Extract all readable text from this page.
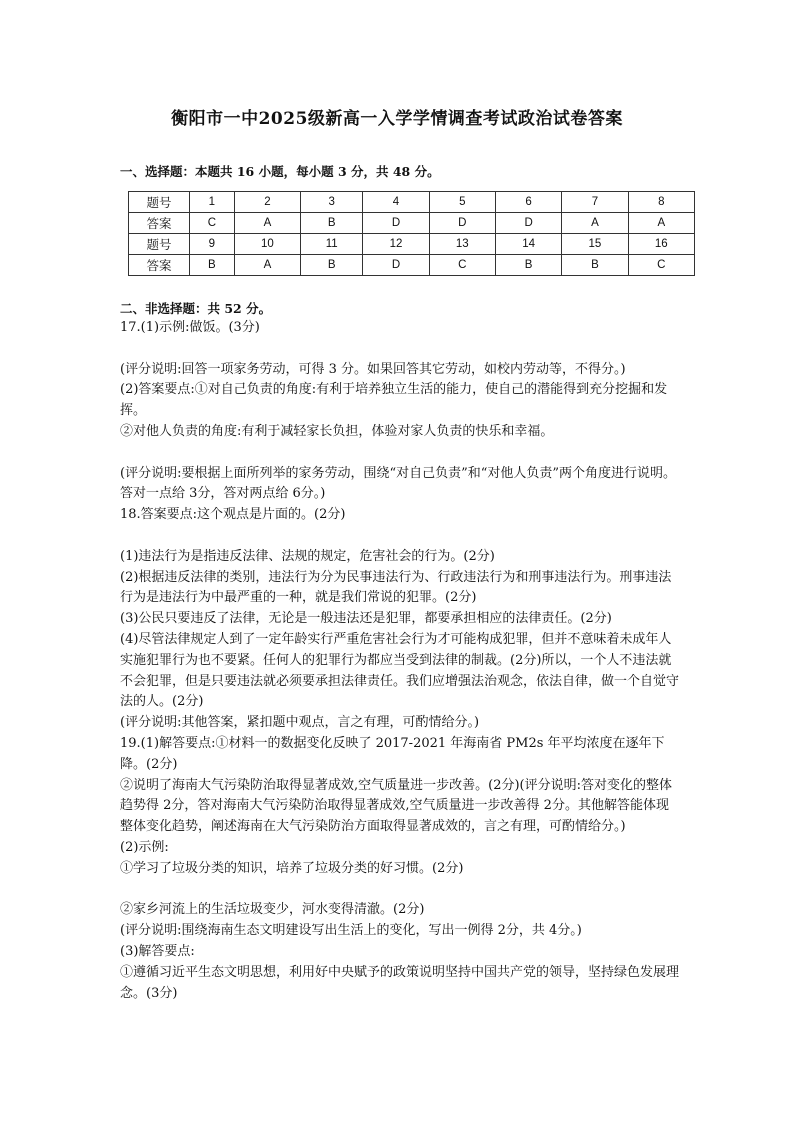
衡阳市一中2025级新高一入学学情调查考试政治试卷答案
一、选择题：本题共 16 小题，每小题 3 分，共 48 分。
题号	1	2	3	4	5	6	7	8
答案	C	A	B	D	D	D	A	A
题号	9	10	11	12	13	14	15	16
答案	B	A	B	D	C	B	B	C
二、非选择题：共 52 分。

17.(1)示例:做饭。(3分)

(评分说明:回答一项家务劳动，可得 3 分。如果回答其它劳动，如校内劳动等，不得分。)

(2)答案要点:①对自己负责的角度:有利于培养独立生活的能力，使自己的潜能得到充分挖掘和发挥。

②对他人负责的角度:有利于减轻家长负担，体验对家人负责的快乐和幸福。

(评分说明:要根据上面所列举的家务劳动，围绕“对自己负责”和“对他人负责”两个角度进行说明。答对一点给 3分，答对两点给 6分。)

18.答案要点:这个观点是片面的。(2分)

(1)违法行为是指违反法律、法规的规定，危害社会的行为。(2分)

(2)根据违反法律的类别，违法行为分为民事违法行为、行政违法行为和刑事违法行为。刑事违法行为是违法行为中最严重的一种，就是我们常说的犯罪。(2分)

(3)公民只要违反了法律，无论是一般违法还是犯罪，都要承担相应的法律责任。(2分)

(4)尽管法律规定人到了一定年龄实行严重危害社会行为才可能构成犯罪，但并不意味着未成年人实施犯罪行为也不要紧。任何人的犯罪行为都应当受到法律的制裁。(2分)所以，一个人不违法就不会犯罪，但是只要违法就必须要承担法律责任。我们应增强法治观念，依法自律，做一个自觉守法的人。(2分)

(评分说明:其他答案，紧扣题中观点，言之有理，可酌情给分。)

19.(1)解答要点:①材料一的数据变化反映了 2017-2021 年海南省 PM2s 年平均浓度在逐年下降。(2分)

②说明了海南大气污染防治取得显著成效,空气质量进一步改善。(2分)(评分说明:答对变化的整体趋势得 2分，答对海南大气污染防治取得显著成效,空气质量进一步改善得 2分。其他解答能体现整体变化趋势，阐述海南在大气污染防治方面取得显著成效的，言之有理，可酌情给分。)

(2)示例:

①学习了垃圾分类的知识，培养了垃圾分类的好习惯。(2分)

②家乡河流上的生活垃圾变少，河水变得清澈。(2分)

(评分说明:围绕海南生态文明建设写出生活上的变化，写出一例得 2分，共 4分。)

(3)解答要点:

①遵循习近平生态文明思想，利用好中央赋予的政策说明坚持中国共产党的领导，坚持绿色发展理念。(3分)
